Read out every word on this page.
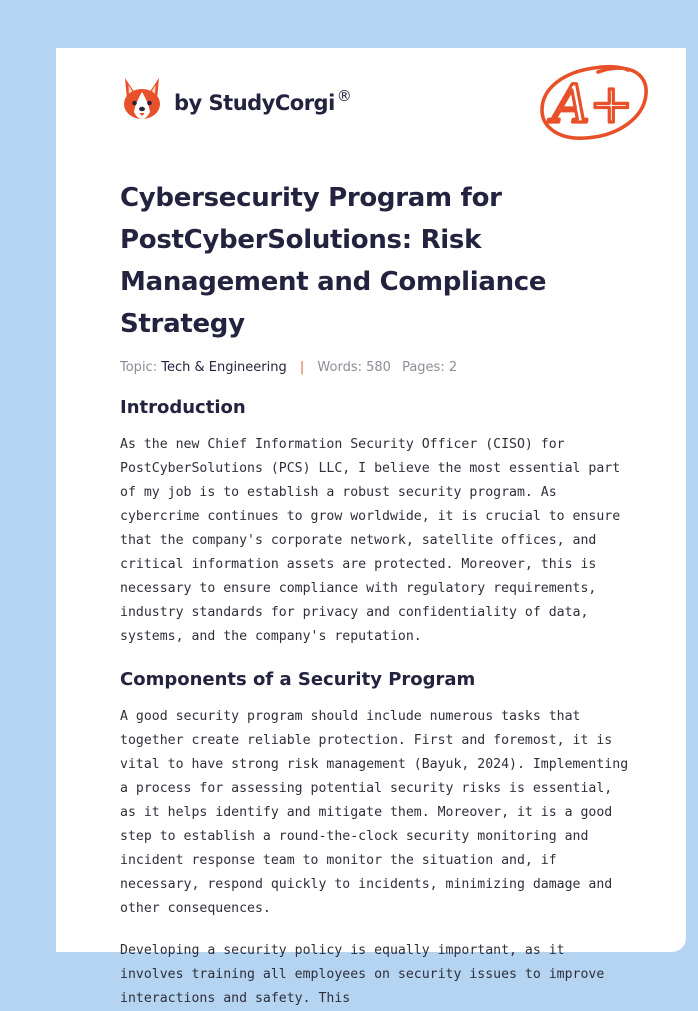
by StudyCorgi ®	A+
Cybersecurity Program for PostCyberSolutions: Risk Management and Compliance Strategy
Topic: Tech & Engineering | Words: 580 Pages: 2
Introduction

As the new Chief Information Security Officer (CISO) for PostCyberSolutions (PCS) LLC, I believe the most essential part of my job is to establish a robust security program. As cybercrime continues to grow worldwide, it is crucial to ensure that the company's corporate network, satellite offices, and critical information assets are protected. Moreover, this is necessary to ensure compliance with regulatory requirements, industry standards for privacy and confidentiality of data, systems, and the company's reputation.

Components of a Security Program

A good security program should include numerous tasks that together create reliable protection. First and foremost, it is vital to have strong risk management (Bayuk, 2024). Implementing a process for assessing potential security risks is essential, as it helps identify and mitigate them. Moreover, it is a good step to establish a round-the-clock security monitoring and incident response team to monitor the situation and, if necessary, respond quickly to incidents, minimizing damage and other consequences.

Developing a security policy is equally important, as it involves training all employees on security issues to improve interactions and safety. This
